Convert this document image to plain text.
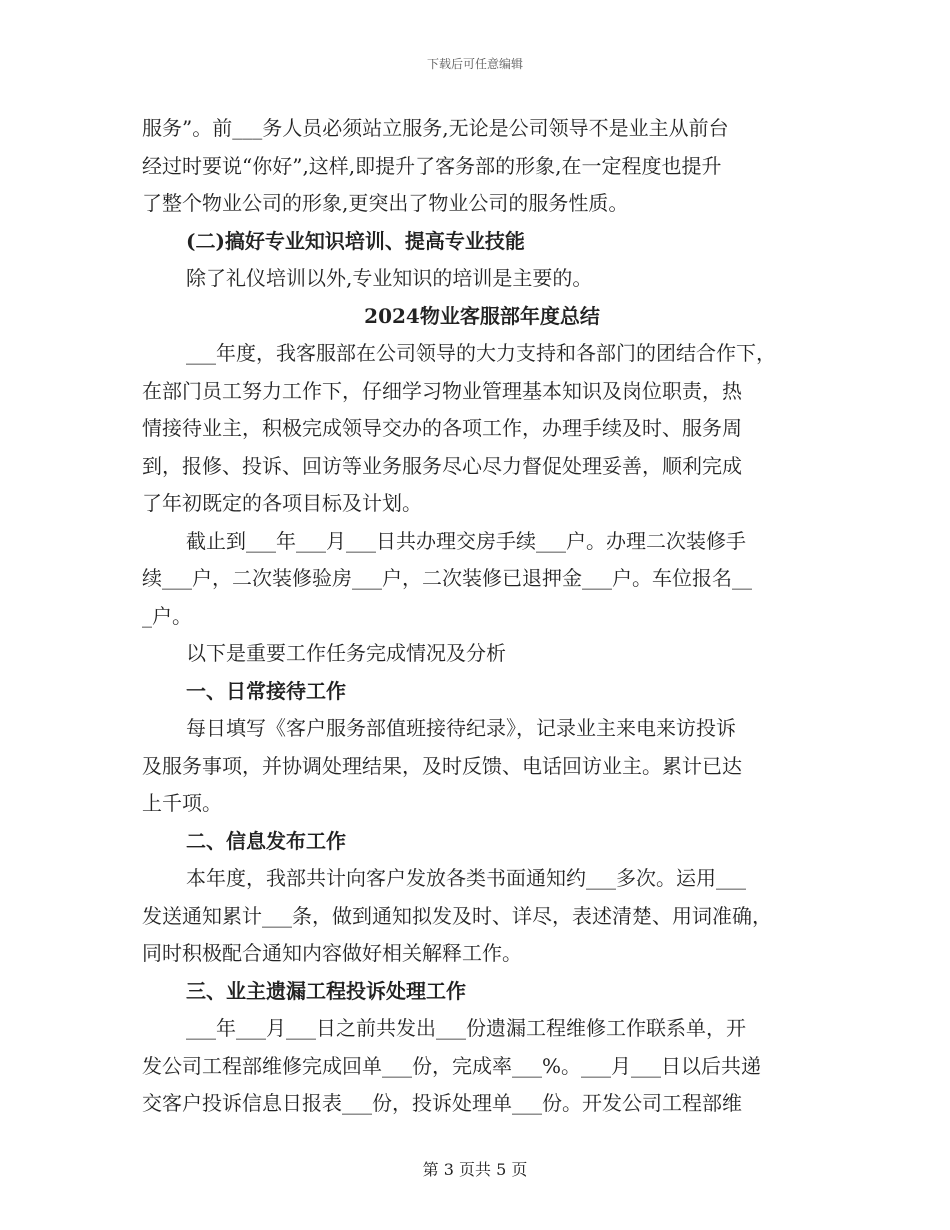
下载后可任意编辑
服务”。前___务人员必须站立服务,无论是公司领导不是业主从前台
经过时要说“你好”,这样,即提升了客务部的形象,在一定程度也提升
了整个物业公司的形象,更突出了物业公司的服务性质。
(二)搞好专业知识培训、提高专业技能
除了礼仪培训以外,专业知识的培训是主要的。
2024物业客服部年度总结
___年度，我客服部在公司领导的大力支持和各部门的团结合作下，
在部门员工努力工作下，仔细学习物业管理基本知识及岗位职责，热
情接待业主，积极完成领导交办的各项工作，办理手续及时、服务周
到，报修、投诉、回访等业务服务尽心尽力督促处理妥善，顺利完成
了年初既定的各项目标及计划。
截止到___年___月___日共办理交房手续___户。办理二次装修手
续___户，二次装修验房___户，二次装修已退押金___户。车位报名__
_户。
以下是重要工作任务完成情况及分析
一、日常接待工作
每日填写《客户服务部值班接待纪录》，记录业主来电来访投诉
及服务事项，并协调处理结果，及时反馈、电话回访业主。累计已达
上千项。
二、信息发布工作
本年度，我部共计向客户发放各类书面通知约___多次。运用___
发送通知累计___条，做到通知拟发及时、详尽，表述清楚、用词准确，
同时积极配合通知内容做好相关解释工作。
三、业主遗漏工程投诉处理工作
___年___月___日之前共发出___份遗漏工程维修工作联系单，开
发公司工程部维修完成回单___份，完成率___%。___月___日以后共递
交客户投诉信息日报表___份，投诉处理单___份。开发公司工程部维
第 3 页共 5 页
